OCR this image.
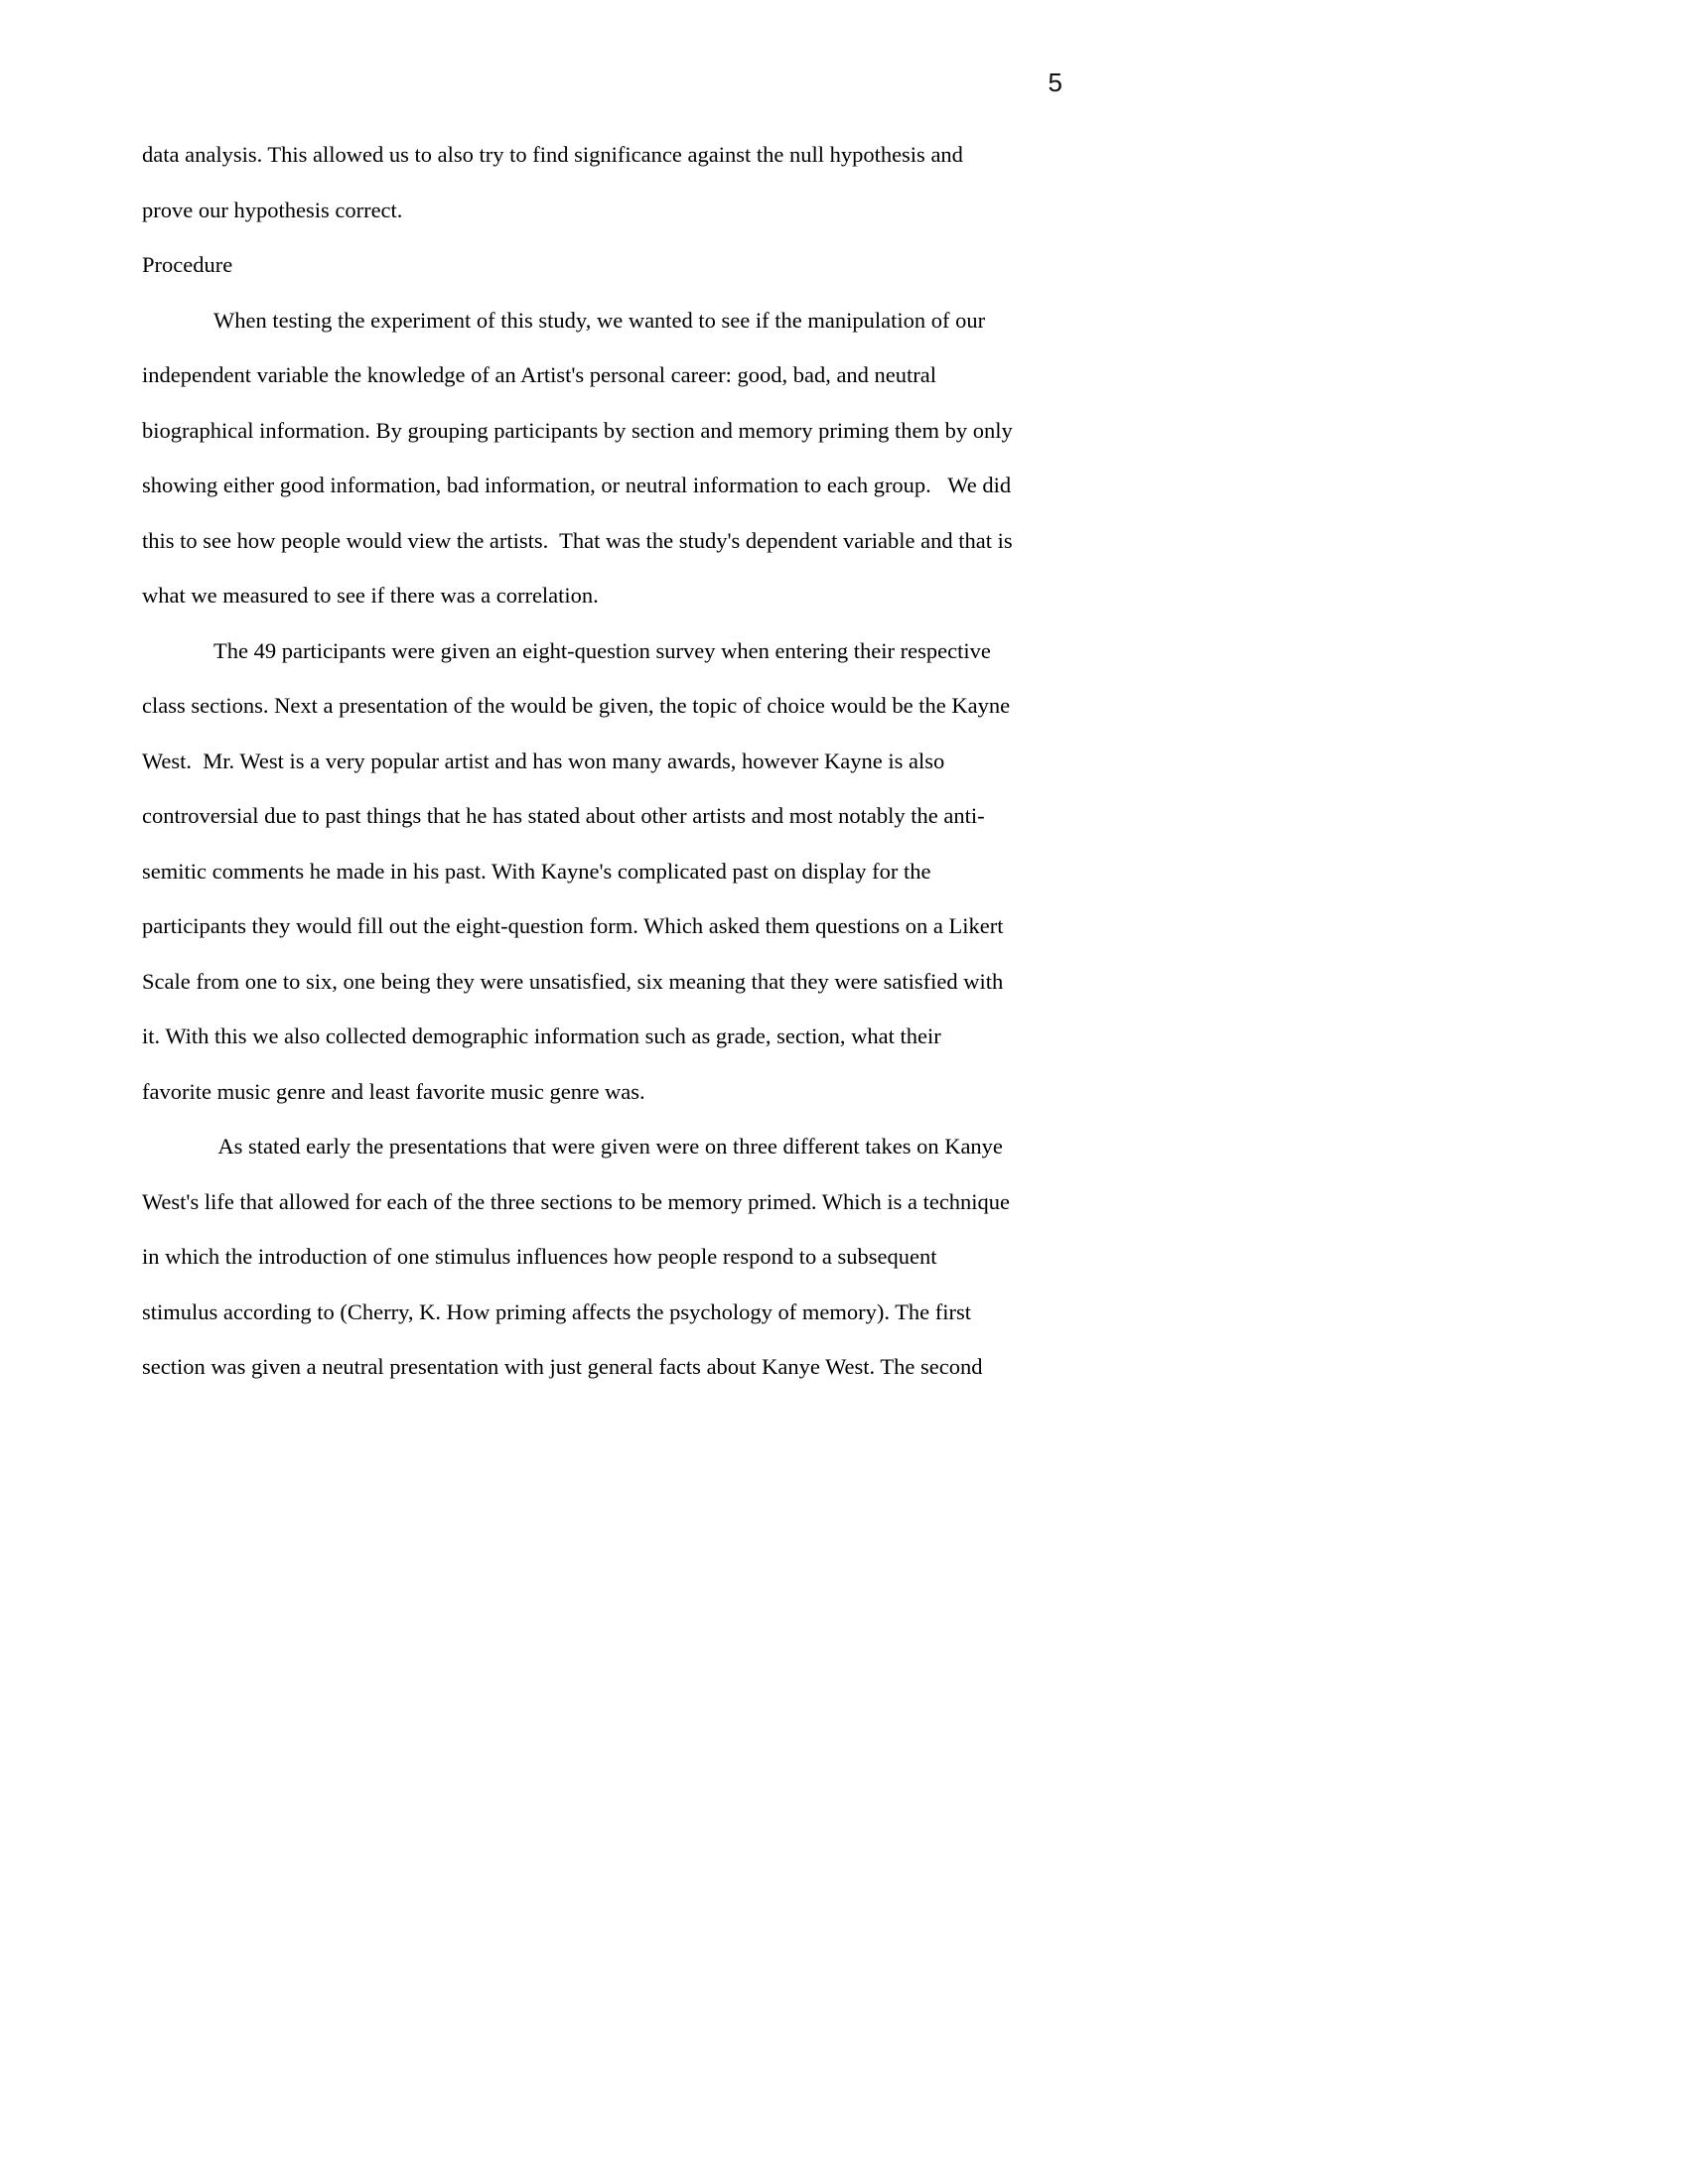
5
data analysis. This allowed us to also try to find significance against the null hypothesis and
prove our hypothesis correct.
Procedure
When testing the experiment of this study, we wanted to see if the manipulation of our
independent variable the knowledge of an Artist's personal career: good, bad, and neutral
biographical information. By grouping participants by section and memory priming them by only
showing either good information, bad information, or neutral information to each group.   We did
this to see how people would view the artists.  That was the study's dependent variable and that is
what we measured to see if there was a correlation.
The 49 participants were given an eight-question survey when entering their respective
class sections. Next a presentation of the would be given, the topic of choice would be the Kayne
West.  Mr. West is a very popular artist and has won many awards, however Kayne is also
controversial due to past things that he has stated about other artists and most notably the anti-
semitic comments he made in his past. With Kayne's complicated past on display for the
participants they would fill out the eight-question form. Which asked them questions on a Likert
Scale from one to six, one being they were unsatisfied, six meaning that they were satisfied with
it. With this we also collected demographic information such as grade, section, what their
favorite music genre and least favorite music genre was.
As stated early the presentations that were given were on three different takes on Kanye
West's life that allowed for each of the three sections to be memory primed. Which is a technique
in which the introduction of one stimulus influences how people respond to a subsequent
stimulus according to (Cherry, K. How priming affects the psychology of memory). The first
section was given a neutral presentation with just general facts about Kanye West. The second
